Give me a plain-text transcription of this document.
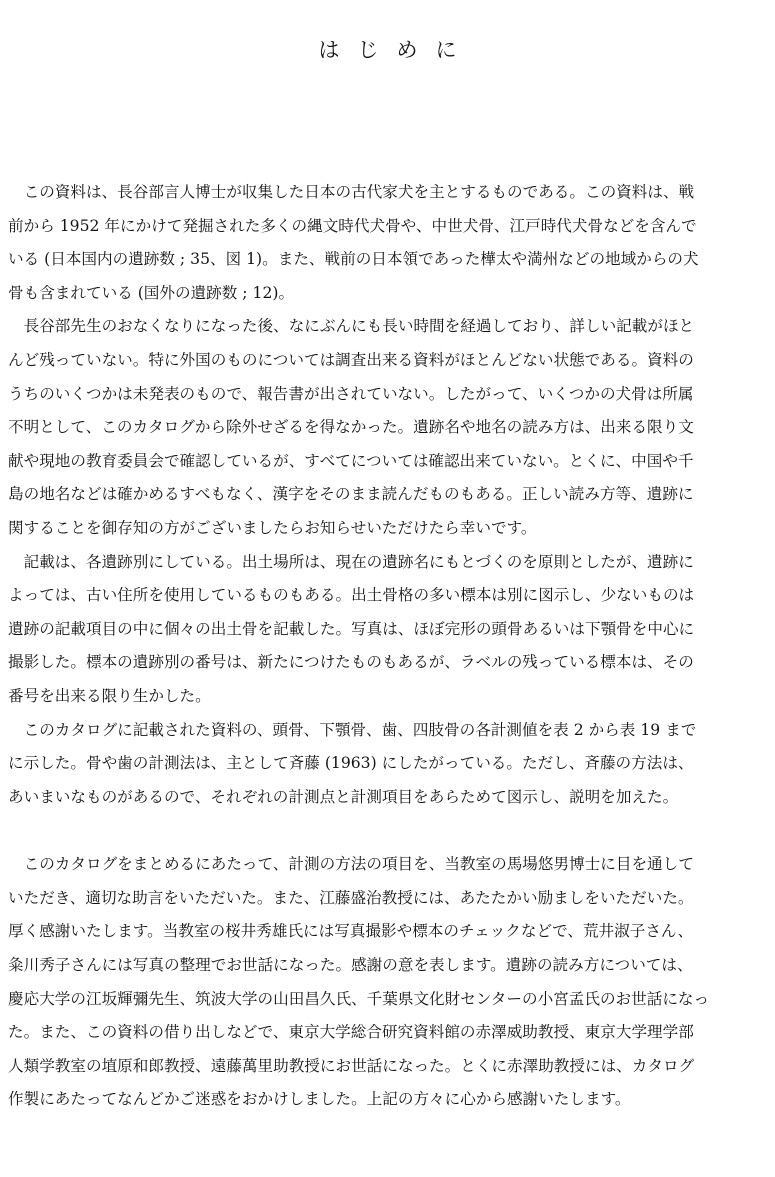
はじめに
　この資料は、長谷部言人博士が収集した日本の古代家犬を主とするものである。この資料は、戦
前から 1952 年にかけて発掘された多くの縄文時代犬骨や、中世犬骨、江戸時代犬骨などを含んで
いる (日本国内の遺跡数 ; 35、図 1)。また、戦前の日本領であった樺太や満州などの地域からの犬
骨も含まれている (国外の遺跡数 ; 12)。
　長谷部先生のおなくなりになった後、なにぶんにも長い時間を経過しており、詳しい記載がほと
んど残っていない。特に外国のものについては調査出来る資料がほとんどない状態である。資料の
うちのいくつかは未発表のもので、報告書が出されていない。したがって、いくつかの犬骨は所属
不明として、このカタログから除外せざるを得なかった。遺跡名や地名の読み方は、出来る限り文
献や現地の教育委員会で確認しているが、すべてについては確認出来ていない。とくに、中国や千
島の地名などは確かめるすべもなく、漢字をそのまま読んだものもある。正しい読み方等、遺跡に
関することを御存知の方がございましたらお知らせいただけたら幸いです。
　記載は、各遺跡別にしている。出土場所は、現在の遺跡名にもとづくのを原則としたが、遺跡に
よっては、古い住所を使用しているものもある。出土骨格の多い標本は別に図示し、少ないものは
遺跡の記載項目の中に個々の出土骨を記載した。写真は、ほぼ完形の頭骨あるいは下顎骨を中心に
撮影した。標本の遺跡別の番号は、新たにつけたものもあるが、ラベルの残っている標本は、その
番号を出来る限り生かした。
　このカタログに記載された資料の、頭骨、下顎骨、歯、四肢骨の各計測値を表 2 から表 19 まで
に示した。骨や歯の計測法は、主として斉藤 (1963) にしたがっている。ただし、斉藤の方法は、
あいまいなものがあるので、それぞれの計測点と計測項目をあらためて図示し、説明を加えた。
　このカタログをまとめるにあたって、計測の方法の項目を、当教室の馬場悠男博士に目を通して
いただき、適切な助言をいただいた。また、江藤盛治教授には、あたたかい励ましをいただいた。
厚く感謝いたします。当教室の桜井秀雄氏には写真撮影や標本のチェックなどで、荒井淑子さん、
粂川秀子さんには写真の整理でお世話になった。感謝の意を表します。遺跡の読み方については、
慶応大学の江坂輝彌先生、筑波大学の山田昌久氏、千葉県文化財センターの小宮孟氏のお世話になっ
た。また、この資料の借り出しなどで、東京大学総合研究資料館の赤澤威助教授、東京大学理学部
人類学教室の埴原和郎教授、遠藤萬里助教授にお世話になった。とくに赤澤助教授には、カタログ
作製にあたってなんどかご迷惑をおかけしました。上記の方々に心から感謝いたします。
